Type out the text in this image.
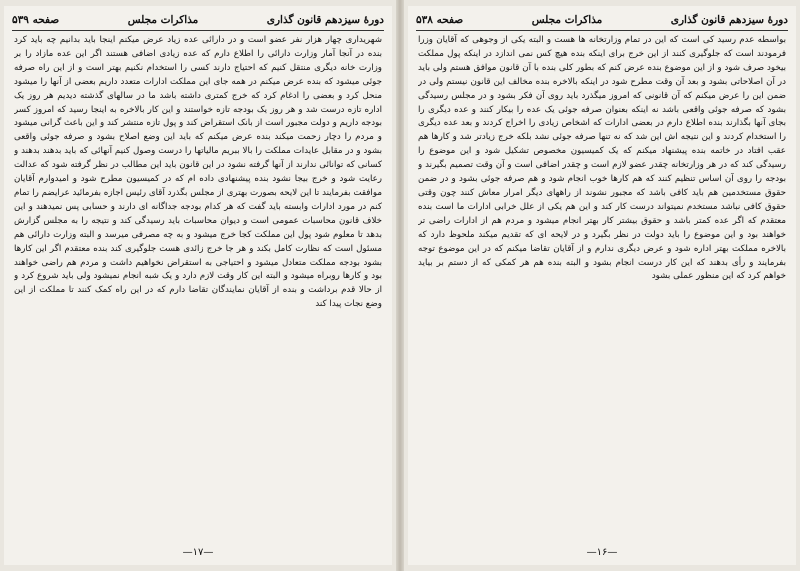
دورهٔ سیزدهم قانون گذاری
مذاکرات مجلس
صفحه ۵۳۹

شهریداری چهار هزار نفر عضو است و در دارائی عده زیاد عرض میکنم اینجا باید بدانیم چه باید کرد بنده در آنجا آمار وزارت دارائی را اطلاع دارم که عده زیادی اضافی هستند اگر این عده مازاد را بر وزارت خانه دیگری منتقل کنیم که احتیاج دارند کسی را استخدام نکنیم بهتر است و از این راه صرفه جوئی میشود که بنده عرض میکنم در همه جای این مملکت ادارات متعدد داریم بعضی از آنها را میشود منحل کرد و بعضی را ادغام کرد که خرج کمتری داشته باشد ما در سالهای گذشته دیدیم هر روز یک اداره تازه درست شد و هر روز یک بودجه تازه خواستند و این کار بالاخره به اینجا رسید که امروز کسر بودجه داریم و دولت مجبور است از بانک استقراض کند و پول تازه منتشر کند و این باعث گرانی میشود و مردم را دچار زحمت میکند بنده عرض میکنم که باید این وضع اصلاح بشود و صرفه جوئی واقعی بشود و در مقابل عایدات مملکت را بالا ببریم مالیاتها را درست وصول کنیم آنهائی که باید بدهند بدهند و کسانی که توانائی ندارند از آنها گرفته نشود در این قانون باید این مطالب در نظر گرفته شود که عدالت رعایت شود و خرج بیجا نشود بنده پیشنهادی داده ام که در کمیسیون مطرح شود و امیدوارم آقایان موافقت بفرمایند تا این لایحه بصورت بهتری از مجلس بگذرد آقای رئیس اجازه بفرمائید عرایضم را تمام کنم در مورد ادارات وابسته باید گفت که هر کدام بودجه جداگانه ای دارند و حسابی پس نمیدهند و این خلاف قانون محاسبات عمومی است و دیوان محاسبات باید رسیدگی کند و نتیجه را به مجلس گزارش بدهد تا معلوم شود پول این مملکت کجا خرج میشود و به چه مصرفی میرسد و البته وزارت دارائی هم مسئول است که نظارت کامل بکند و هر جا خرج زائدی هست جلوگیری کند بنده معتقدم اگر این کارها بشود بودجه مملکت متعادل میشود و احتیاجی به استقراض نخواهیم داشت و مردم هم راضی خواهند بود و کارها روبراه میشود و البته این کار وقت لازم دارد و یک شبه انجام نمیشود ولی باید شروع کرد و از حالا قدم برداشت و بنده از آقایان نمایندگان تقاضا دارم که در این راه کمک کنند تا مملکت از این وضع نجات پیدا کند

—۱۷—
دورهٔ سیزدهم قانون گذاری
مذاکرات مجلس
صفحه ۵۳۸

بواسطه عدم رسید کی است که این در تمام وزارتخانه ها هست و البته یکی از وجوهی که آقایان وزرا فرمودند است که جلوگیری کنند از این خرج برای اینکه بنده هیچ کس نمی اندازد در اینکه پول مملکت بیخود صرف شود و از این موضوع بنده عرض کنم که بطور کلی بنده با آن قانون موافق هستم ولی باید در آن اصلاحاتی بشود و بعد آن وقت مطرح شود در اینکه بالاخره بنده مخالف این قانون نیستم ولی در ضمن این را عرض میکنم که آن قانونی که امروز میگذرد باید روی آن فکر بشود و در مجلس رسیدگی بشود که صرفه جوئی واقعی باشد نه اینکه بعنوان صرفه جوئی یک عده را بیکار کنند و عده دیگری را بجای آنها بگذارند بنده اطلاع دارم در بعضی ادارات که اشخاص زیادی را اخراج کردند و بعد عده دیگری را استخدام کردند و این نتیجه اش این شد که نه تنها صرفه جوئی نشد بلکه خرج زیادتر شد و کارها هم عقب افتاد در خاتمه بنده پیشنهاد میکنم که یک کمیسیون مخصوص تشکیل شود و این موضوع را رسیدگی کند که در هر وزارتخانه چقدر عضو لازم است و چقدر اضافی است و آن وقت تصمیم بگیرند و بودجه را روی آن اساس تنظیم کنند که هم کارها خوب انجام شود و هم صرفه جوئی بشود و در ضمن حقوق مستخدمین هم باید کافی باشد که مجبور نشوند از راههای دیگر امرار معاش کنند چون وقتی حقوق کافی نباشد مستخدم نمیتواند درست کار کند و این هم یکی از علل خرابی ادارات ما است بنده معتقدم که اگر عده کمتر باشد و حقوق بیشتر کار بهتر انجام میشود و مردم هم از ادارات راضی تر خواهند بود و این موضوع را باید دولت در نظر بگیرد و در لایحه ای که تقدیم میکند ملحوظ دارد که بالاخره مملکت بهتر اداره شود و عرض دیگری ندارم و از آقایان تقاضا میکنم که در این موضوع توجه بفرمایند و رأی بدهند که این کار درست انجام بشود و البته بنده هم هر کمکی که از دستم بر بیاید خواهم کرد که این منظور عملی بشود

—۱۶—
